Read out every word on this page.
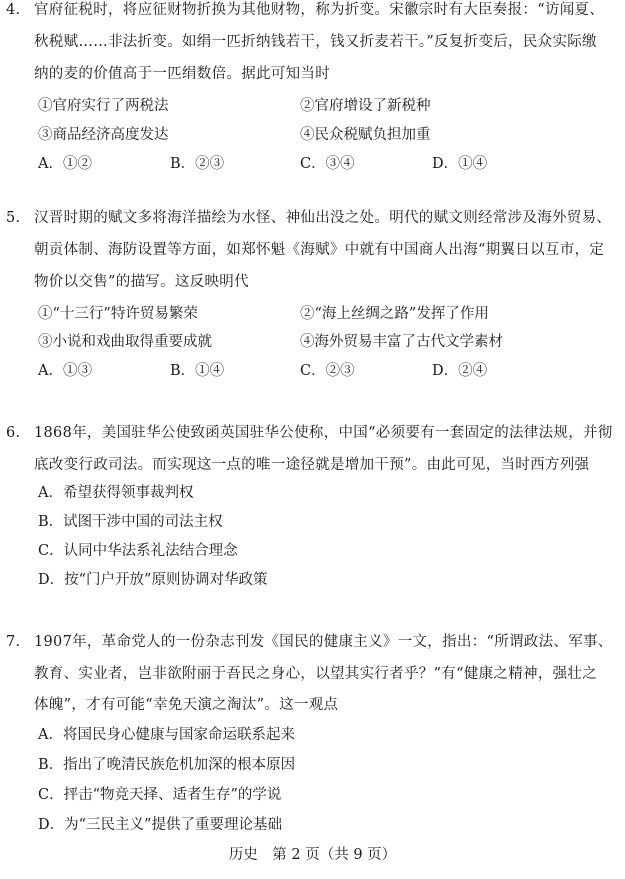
4. 官府征税时，将应征财物折换为其他财物，称为折变。宋徽宗时有大臣奏报：“访闻夏、
秋税赋……非法折变。如绢一匹折纳钱若干，钱又折麦若干。”反复折变后，民众实际缴
纳的麦的价值高于一匹绢数倍。据此可知当时
①官府实行了两税法	②官府增设了新税种
③商品经济高度发达	④民众税赋负担加重
A．①②	B．②③	C．③④	D．①④
5. 汉晋时期的赋文多将海洋描绘为水怪、神仙出没之处。明代的赋文则经常涉及海外贸易、
朝贡体制、海防设置等方面，如郑怀魁《海赋》中就有中国商人出海“期翼日以互市，定
物价以交售”的描写。这反映明代
①“十三行”特许贸易繁荣	②“海上丝绸之路”发挥了作用
③小说和戏曲取得重要成就	④海外贸易丰富了古代文学素材
A．①③	B．①④	C．②③	D．②④
6. 1868年，美国驻华公使致函英国驻华公使称，中国“必须要有一套固定的法律法规，并彻
底改变行政司法。而实现这一点的唯一途径就是增加干预”。由此可见，当时西方列强
A．希望获得领事裁判权
B．试图干涉中国的司法主权
C．认同中华法系礼法结合理念
D．按“门户开放”原则协调对华政策
7. 1907年，革命党人的一份杂志刊发《国民的健康主义》一文，指出：“所谓政法、军事、
教育、实业者，岂非欲附丽于吾民之身心，以望其实行者乎？”有“健康之精神，强壮之
体魄”，才有可能“幸免天演之淘汰”。这一观点
A．将国民身心健康与国家命运联系起来
B．指出了晚清民族危机加深的根本原因
C．抨击“物竞天择、适者生存”的学说
D．为“三民主义”提供了重要理论基础
历史　第 2 页（共 9 页）
